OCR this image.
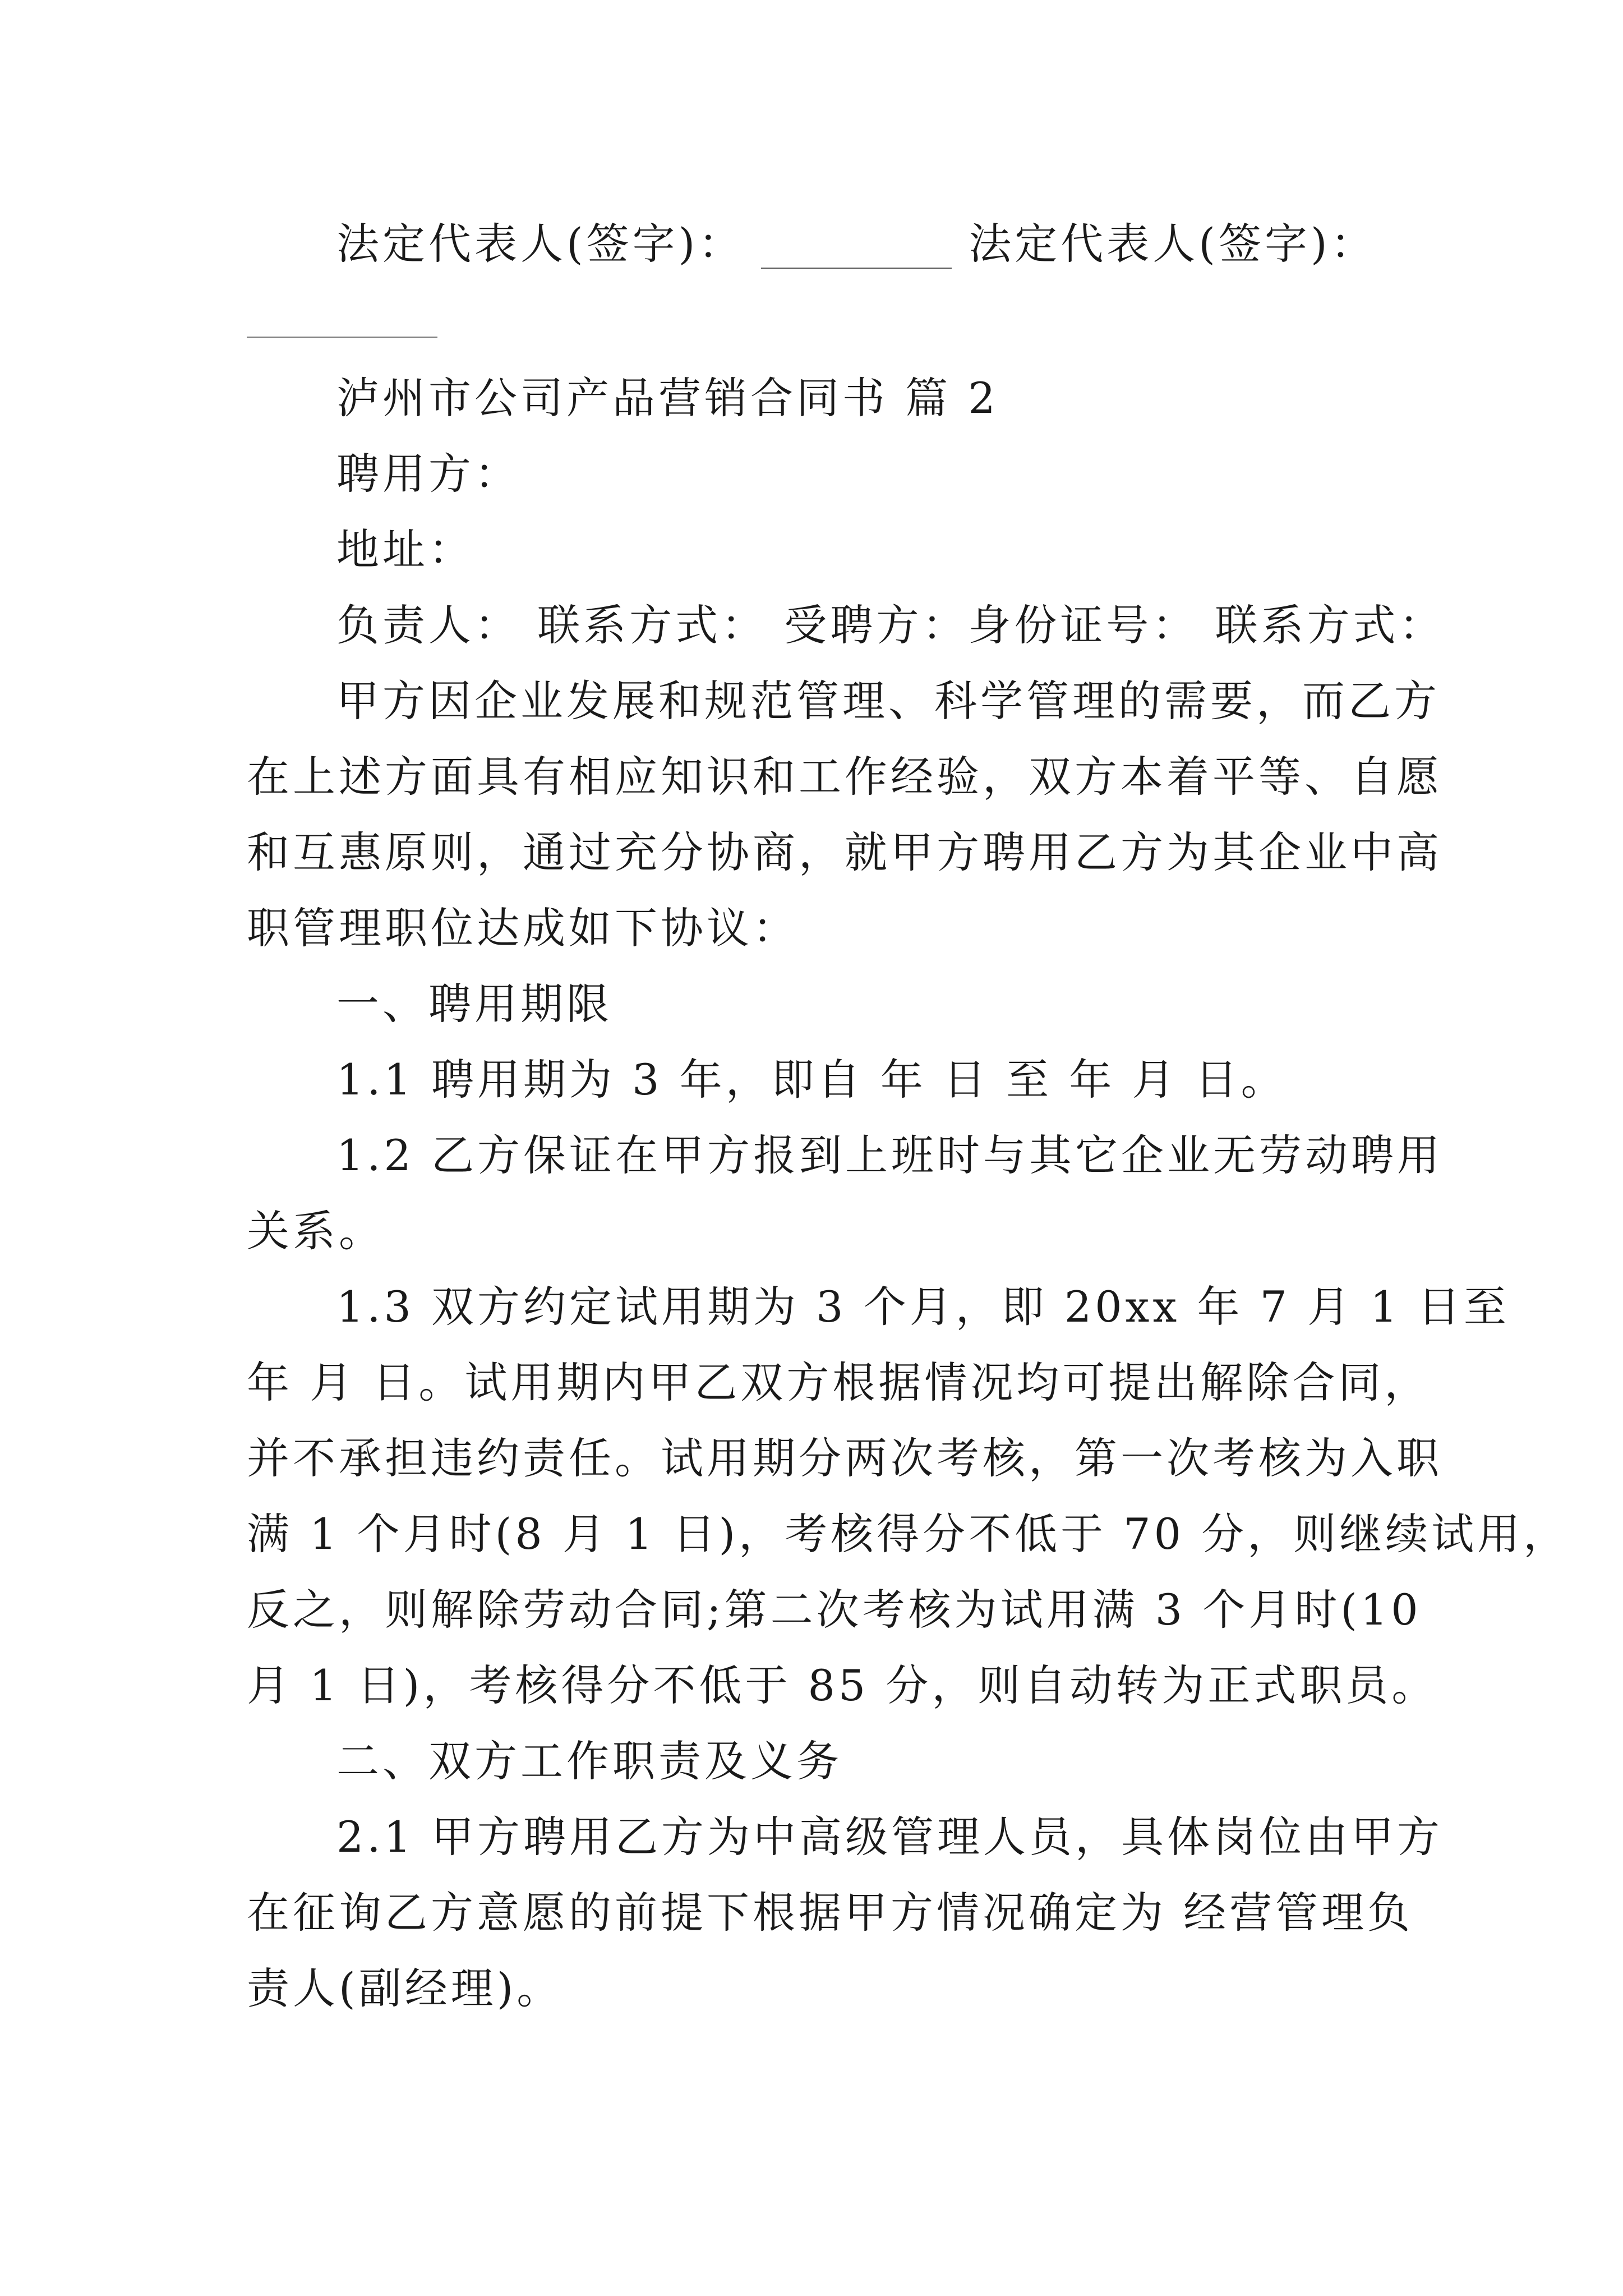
法定代表人(签字)：	法定代表人(签字)：
泸州市公司产品营销合同书 篇 2
聘用方：
地址：
负责人： 联系方式： 受聘方：身份证号： 联系方式：
甲方因企业发展和规范管理、科学管理的需要，而乙方
在上述方面具有相应知识和工作经验，双方本着平等、自愿
和互惠原则，通过充分协商，就甲方聘用乙方为其企业中高
职管理职位达成如下协议：
一、聘用期限
1.1 聘用期为 3 年，即自 年 日 至 年 月 日。
1.2 乙方保证在甲方报到上班时与其它企业无劳动聘用
关系。
1.3 双方约定试用期为 3 个月，即 20xx 年 7 月 1 日至
年 月 日。试用期内甲乙双方根据情况均可提出解除合同，
并不承担违约责任。试用期分两次考核，第一次考核为入职
满 1 个月时(8 月 1 日)，考核得分不低于 70 分，则继续试用，
反之，则解除劳动合同;第二次考核为试用满 3 个月时(10
月 1 日)，考核得分不低于 85 分，则自动转为正式职员。
二、双方工作职责及义务
2.1 甲方聘用乙方为中高级管理人员，具体岗位由甲方
在征询乙方意愿的前提下根据甲方情况确定为 经营管理负
责人(副经理)。
